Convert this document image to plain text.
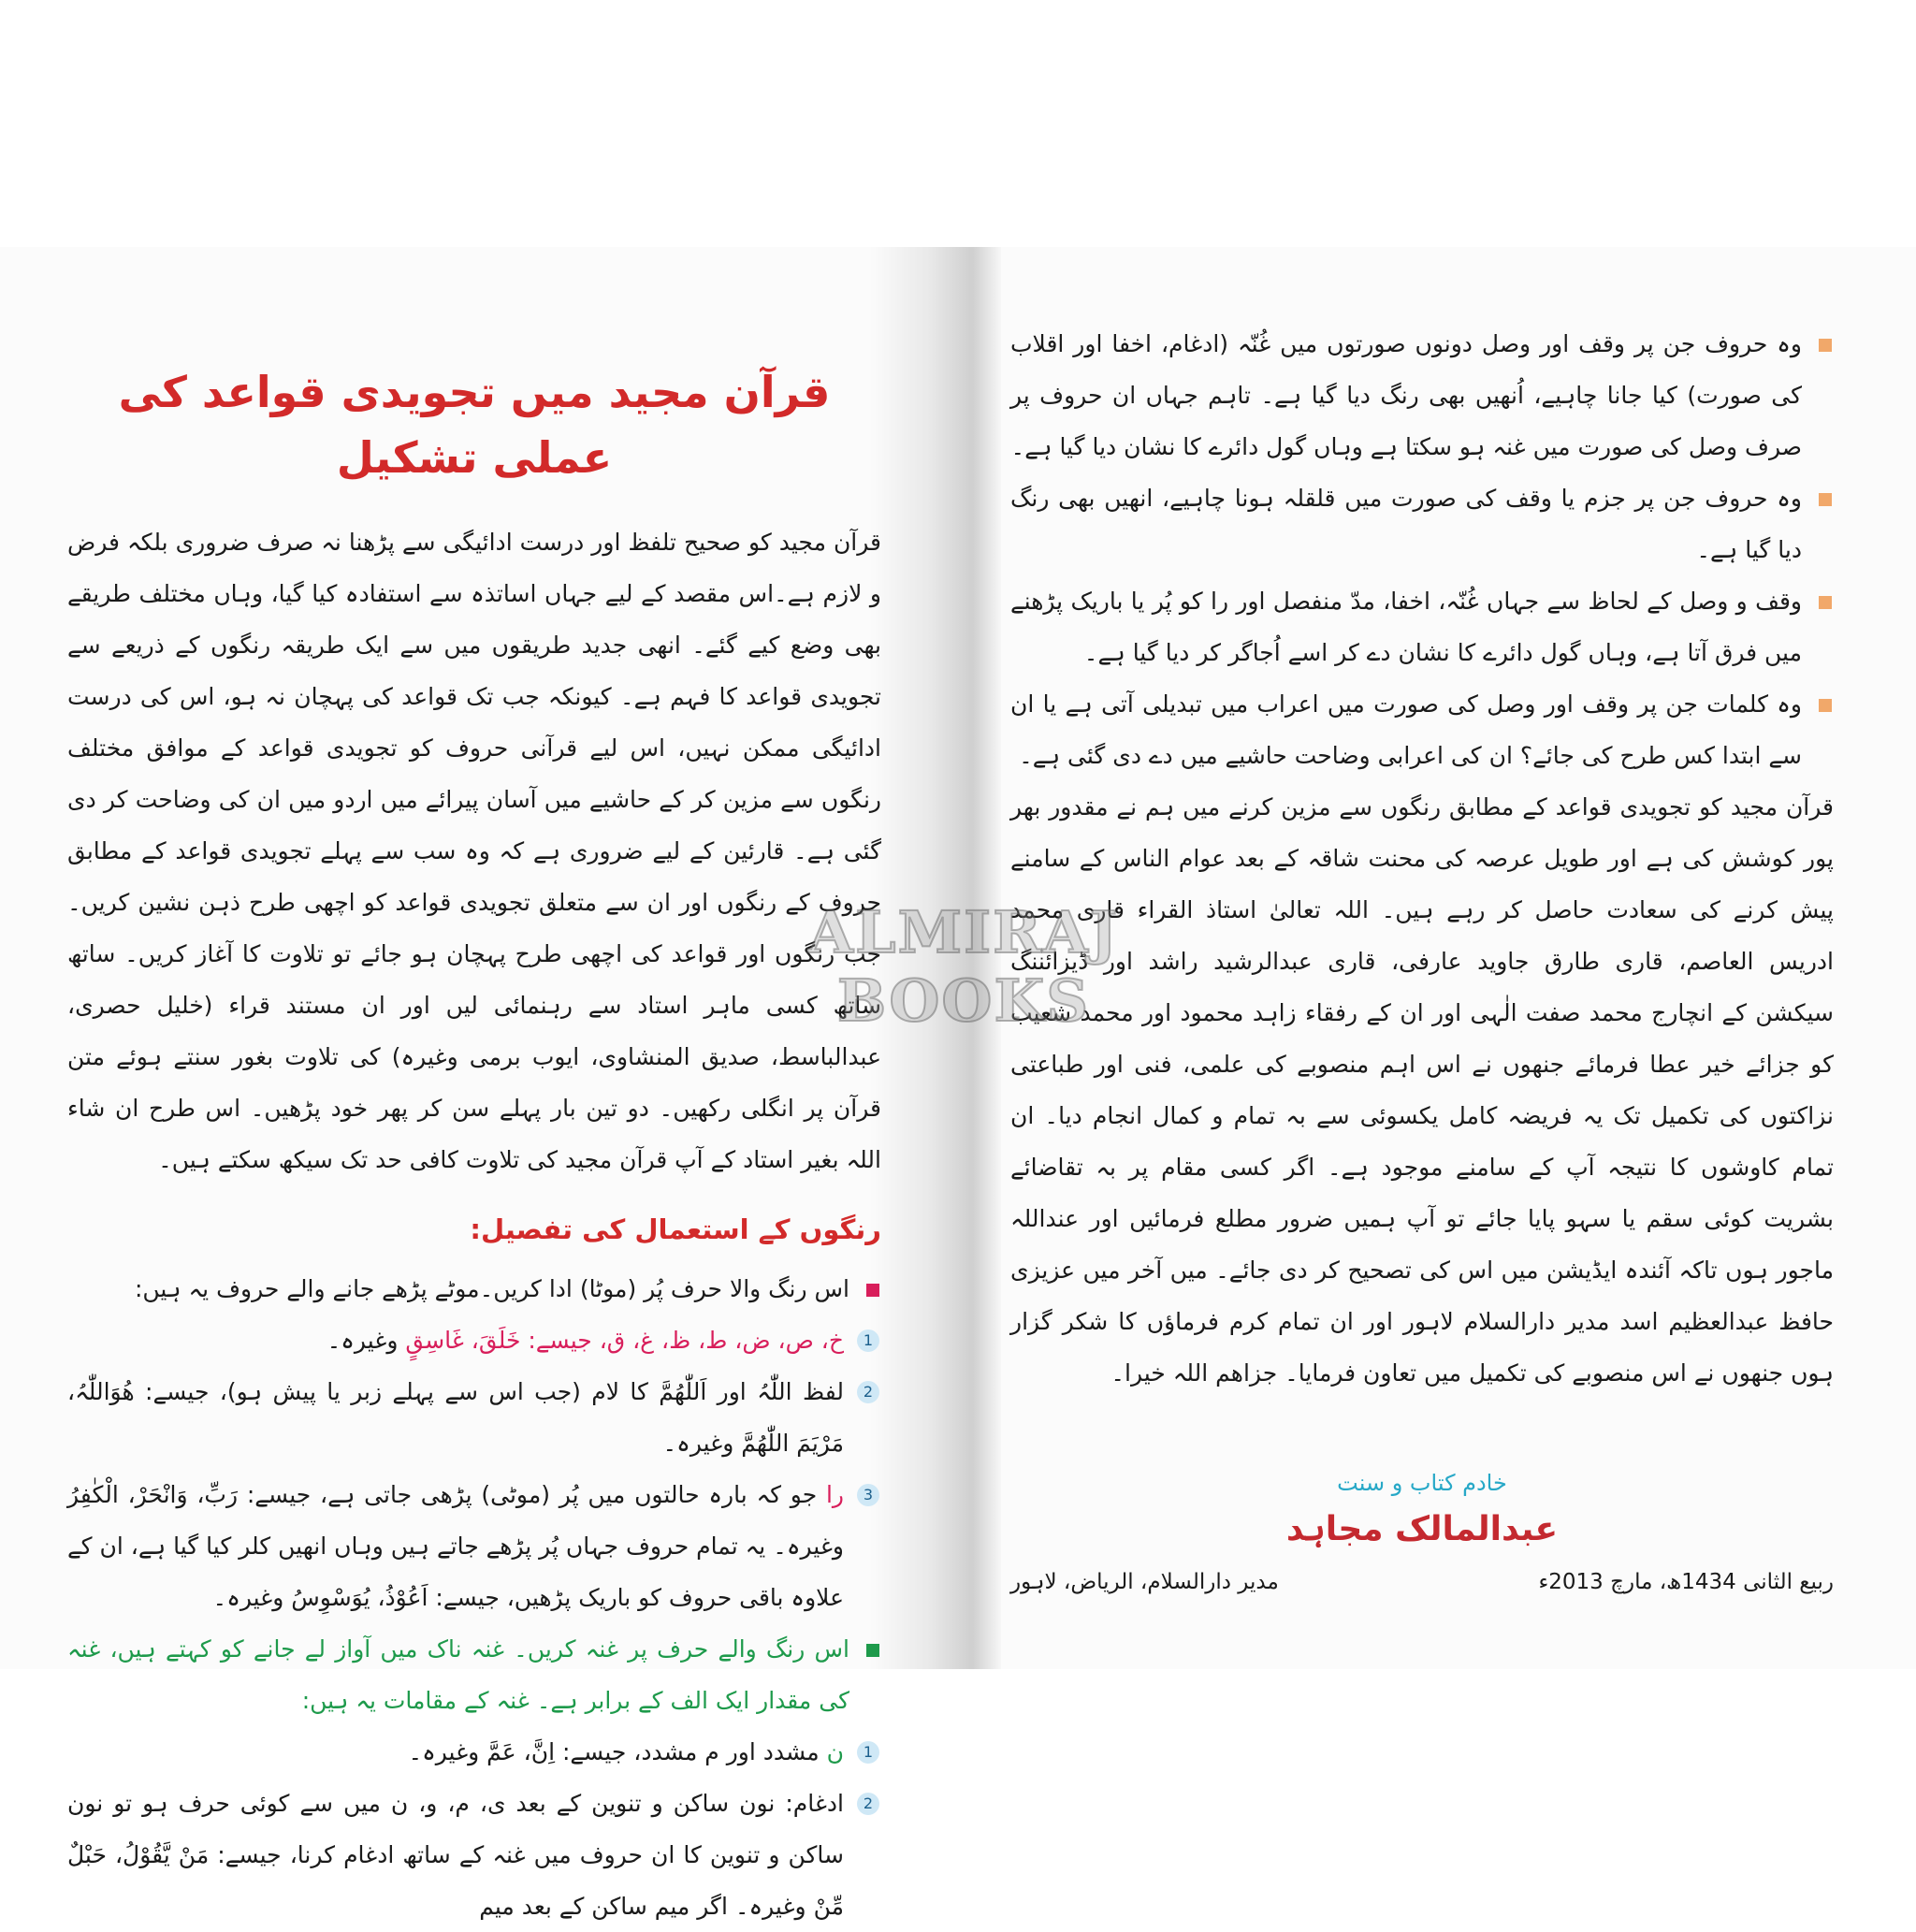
قرآن مجید میں تجویدی قواعد کی عملی تشکیل

قرآن مجید کو صحیح تلفظ اور درست ادائیگی سے پڑھنا نہ صرف ضروری بلکہ فرض و لازم ہے۔اس مقصد کے لیے جہاں اساتذہ سے استفادہ کیا گیا، وہاں مختلف طریقے بھی وضع کیے گئے۔ انھی جدید طریقوں میں سے ایک طریقہ رنگوں کے ذریعے سے تجویدی قواعد کا فہم ہے۔ کیونکہ جب تک قواعد کی پہچان نہ ہو، اس کی درست ادائیگی ممکن نہیں، اس لیے قرآنی حروف کو تجویدی قواعد کے موافق مختلف رنگوں سے مزین کر کے حاشیے میں آسان پیرائے میں اردو میں ان کی وضاحت کر دی گئی ہے۔ قارئین کے لیے ضروری ہے کہ وہ سب سے پہلے تجویدی قواعد کے مطابق حروف کے رنگوں اور ان سے متعلق تجویدی قواعد کو اچھی طرح ذہن نشین کریں۔ جب رنگوں اور قواعد کی اچھی طرح پہچان ہو جائے تو تلاوت کا آغاز کریں۔ ساتھ ساتھ کسی ماہر استاد سے رہنمائی لیں اور ان مستند قراء (خلیل حصری، عبدالباسط، صدیق المنشاوی، ایوب برمی وغیرہ) کی تلاوت بغور سنتے ہوئے متن قرآن پر انگلی رکھیں۔ دو تین بار پہلے سن کر پھر خود پڑھیں۔ اس طرح ان شاء اللہ بغیر استاد کے آپ قرآن مجید کی تلاوت کافی حد تک سیکھ سکتے ہیں۔

رنگوں کے استعمال کی تفصیل:
اس رنگ والا حرف پُر (موٹا) ادا کریں۔موٹے پڑھے جانے والے حروف یہ ہیں:
1
خ، ص، ض، ط، ظ، غ، ق، جیسے: خَلَقَ، غَاسِقٍ وغیرہ۔
2
لفظ اللّٰہُ اور اَللّٰھُمَّ کا لام (جب اس سے پہلے زبر یا پیش ہو)، جیسے: ھُوَاللّٰہُ، مَرْیَمَ اللّٰھُمَّ وغیرہ۔
3
را جو کہ بارہ حالتوں میں پُر (موٹی) پڑھی جاتی ہے، جیسے: رَبِّ، وَانْحَرْ، الْکٰفِرُ وغیرہ۔ یہ تمام حروف جہاں پُر پڑھے جاتے ہیں وہاں انھیں کلر کیا گیا ہے، ان کے علاوہ باقی حروف کو باریک پڑھیں، جیسے: اَعُوْذُ، یُوَسْوِسُ وغیرہ۔
اس رنگ والے حرف پر غنہ کریں۔ غنہ ناک میں آواز لے جانے کو کہتے ہیں، غنہ کی مقدار ایک الف کے برابر ہے۔ غنہ کے مقامات یہ ہیں:
1
ن مشدد اور م مشدد، جیسے: اِنَّ، عَمَّ وغیرہ۔
2
ادغام: نون ساکن و تنوین کے بعد ی، م، و، ن میں سے کوئی حرف ہو تو نون ساکن و تنوین کا ان حروف میں غنہ کے ساتھ ادغام کرنا، جیسے: مَنْ یَّقُوْلُ، حَبْلٌ مِّنْ وغیرہ۔ اگر میم ساکن کے بعد میم
وہ حروف جن پر وقف اور وصل دونوں صورتوں میں غُنّہ (ادغام، اخفا اور اقلاب کی صورت) کیا جانا چاہیے، اُنھیں بھی رنگ دیا گیا ہے۔ تاہم جہاں ان حروف پر صرف وصل کی صورت میں غنہ ہو سکتا ہے وہاں گول دائرے کا نشان دیا گیا ہے۔
وہ حروف جن پر جزم یا وقف کی صورت میں قلقلہ ہونا چاہیے، انھیں بھی رنگ دیا گیا ہے۔
وقف و وصل کے لحاظ سے جہاں غُنّہ، اخفا، مدّ منفصل اور را کو پُر یا باریک پڑھنے میں فرق آتا ہے، وہاں گول دائرے کا نشان دے کر اسے اُجاگر کر دیا گیا ہے۔
وہ کلمات جن پر وقف اور وصل کی صورت میں اعراب میں تبدیلی آتی ہے یا ان سے ابتدا کس طرح کی جائے؟ ان کی اعرابی وضاحت حاشیے میں دے دی گئی ہے۔

قرآن مجید کو تجویدی قواعد کے مطابق رنگوں سے مزین کرنے میں ہم نے مقدور بھر پور کوشش کی ہے اور طویل عرصہ کی محنت شاقہ کے بعد عوام الناس کے سامنے پیش کرنے کی سعادت حاصل کر رہے ہیں۔ اللہ تعالیٰ استاذ القراء قاری محمد ادریس العاصم، قاری طارق جاوید عارفی، قاری عبدالرشید راشد اور ڈیزائننگ سیکشن کے انچارج محمد صفت الٰہی اور ان کے رفقاء زاہد محمود اور محمد شعیب کو جزائے خیر عطا فرمائے جنھوں نے اس اہم منصوبے کی علمی، فنی اور طباعتی نزاکتوں کی تکمیل تک یہ فریضہ کامل یکسوئی سے بہ تمام و کمال انجام دیا۔ ان تمام کاوشوں کا نتیجہ آپ کے سامنے موجود ہے۔ اگر کسی مقام پر بہ تقاضائے بشریت کوئی سقم یا سہو پایا جائے تو آپ ہمیں ضرور مطلع فرمائیں اور عنداللہ ماجور ہوں تاکہ آئندہ ایڈیشن میں اس کی تصحیح کر دی جائے۔ میں آخر میں عزیزی حافظ عبدالعظیم اسد مدیر دارالسلام لاہور اور ان تمام کرم فرماؤں کا شکر گزار ہوں جنھوں نے اس منصوبے کی تکمیل میں تعاون فرمایا۔ جزاھم اللہ خیرا۔

خادم کتاب و سنت
عبدالمالک مجاہد
ربیع الثانی 1434ھ، مارچ 2013ء
مدیر دارالسلام، الریاض، لاہور
ALMIRAJ BOOKS
